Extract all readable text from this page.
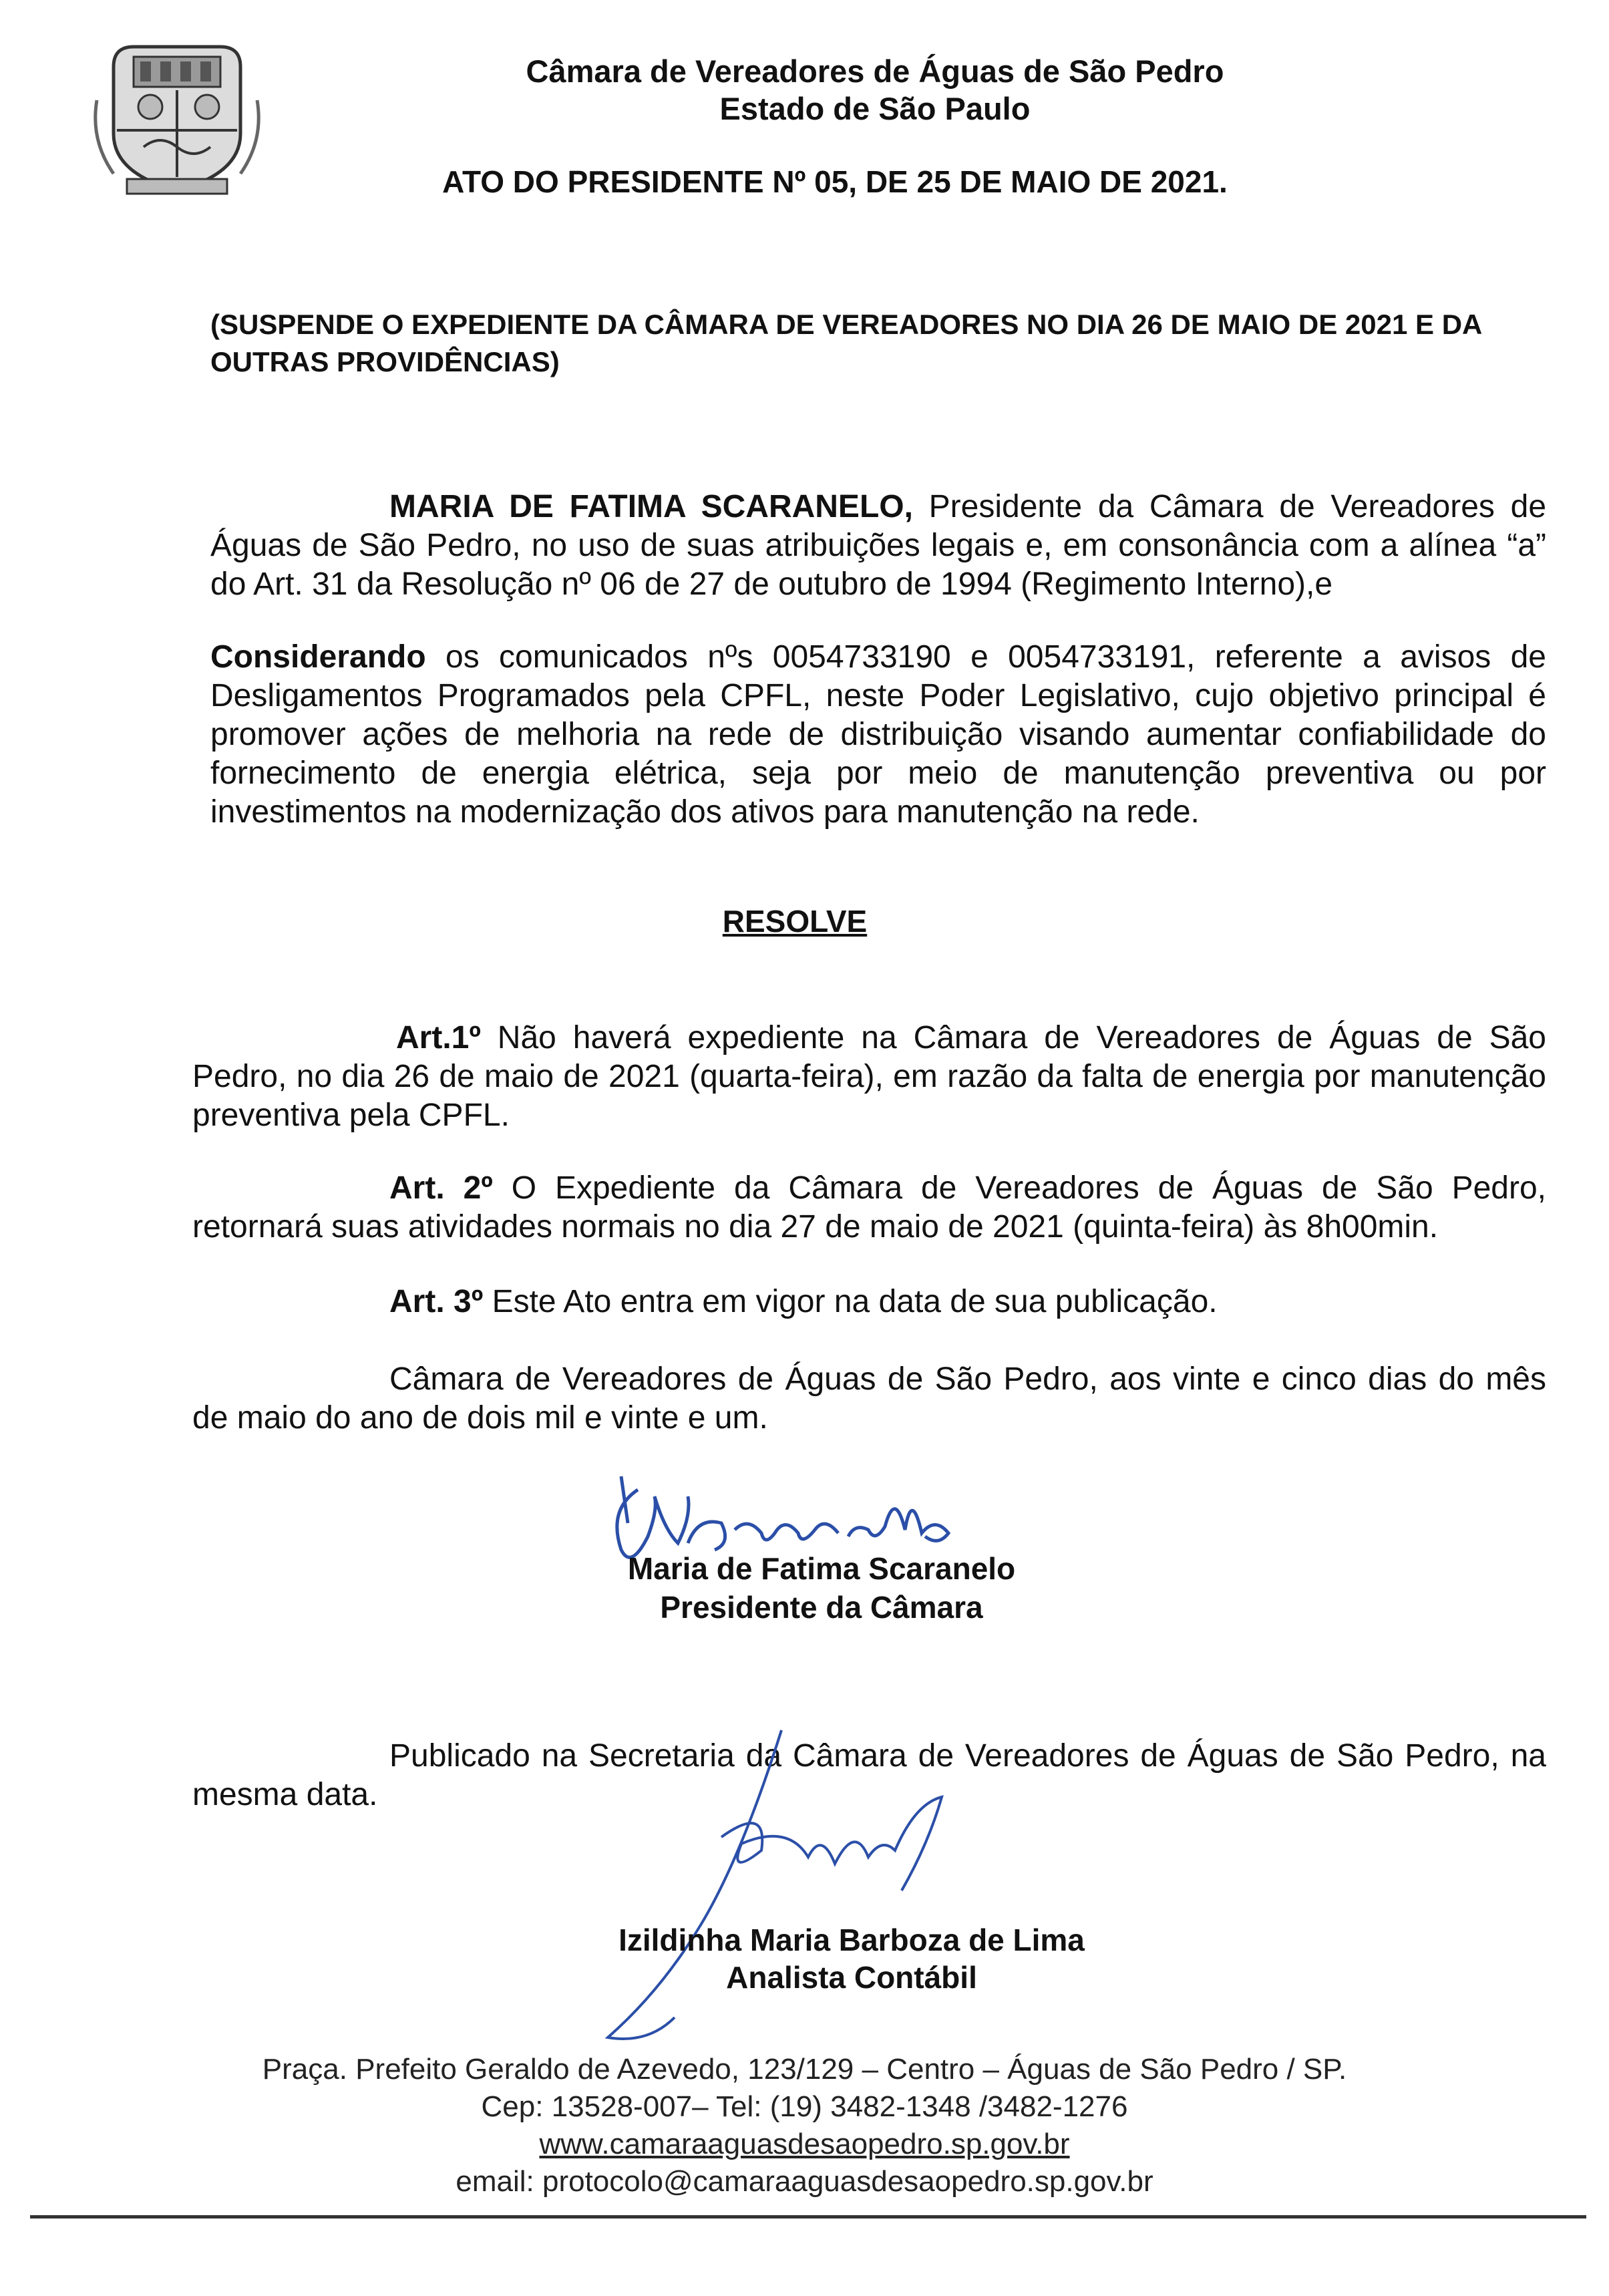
Câmara de Vereadores de Águas de São Pedro
Estado de São Paulo
ATO DO PRESIDENTE Nº 05, DE 25 DE MAIO DE 2021.
(SUSPENDE O EXPEDIENTE DA CÂMARA DE VEREADORES NO DIA 26 DE MAIO DE 2021 E DA OUTRAS PROVIDÊNCIAS)
MARIA DE FATIMA SCARANELO, Presidente da Câmara de Vereadores de Águas de São Pedro, no uso de suas atribuições legais e, em consonância com a alínea “a” do Art. 31 da Resolução nº 06 de 27 de outubro de 1994 (Regimento Interno),e
Considerando os comunicados nºs 0054733190 e 0054733191, referente a avisos de Desligamentos Programados pela CPFL, neste Poder Legislativo, cujo objetivo principal é promover ações de melhoria na rede de distribuição visando aumentar confiabilidade do fornecimento de energia elétrica, seja por meio de manutenção preventiva ou por investimentos na modernização dos ativos para manutenção na rede.
RESOLVE
Art.1º Não haverá expediente na Câmara de Vereadores de Águas de São Pedro, no dia 26 de maio de 2021 (quarta-feira), em razão da falta de energia por manutenção preventiva pela CPFL.
Art. 2º O Expediente da Câmara de Vereadores de Águas de São Pedro, retornará suas atividades normais no dia 27 de maio de 2021 (quinta-feira) às 8h00min.
Art. 3º Este Ato entra em vigor na data de sua publicação.
Câmara de Vereadores de Águas de São Pedro, aos vinte e cinco dias do mês de maio do ano de dois mil e vinte e um.
Maria de Fatima Scaranelo
Presidente da Câmara
Publicado na Secretaria da Câmara de Vereadores de Águas de São Pedro, na mesma data.
Izildinha Maria Barboza de Lima
Analista Contábil
Praça. Prefeito Geraldo de Azevedo, 123/129 – Centro – Águas de São Pedro / SP.
Cep: 13528-007– Tel: (19) 3482-1348 /3482-1276
www.camaraaguasdesaopedro.sp.gov.br
email: protocolo@camaraaguasdesaopedro.sp.gov.br
